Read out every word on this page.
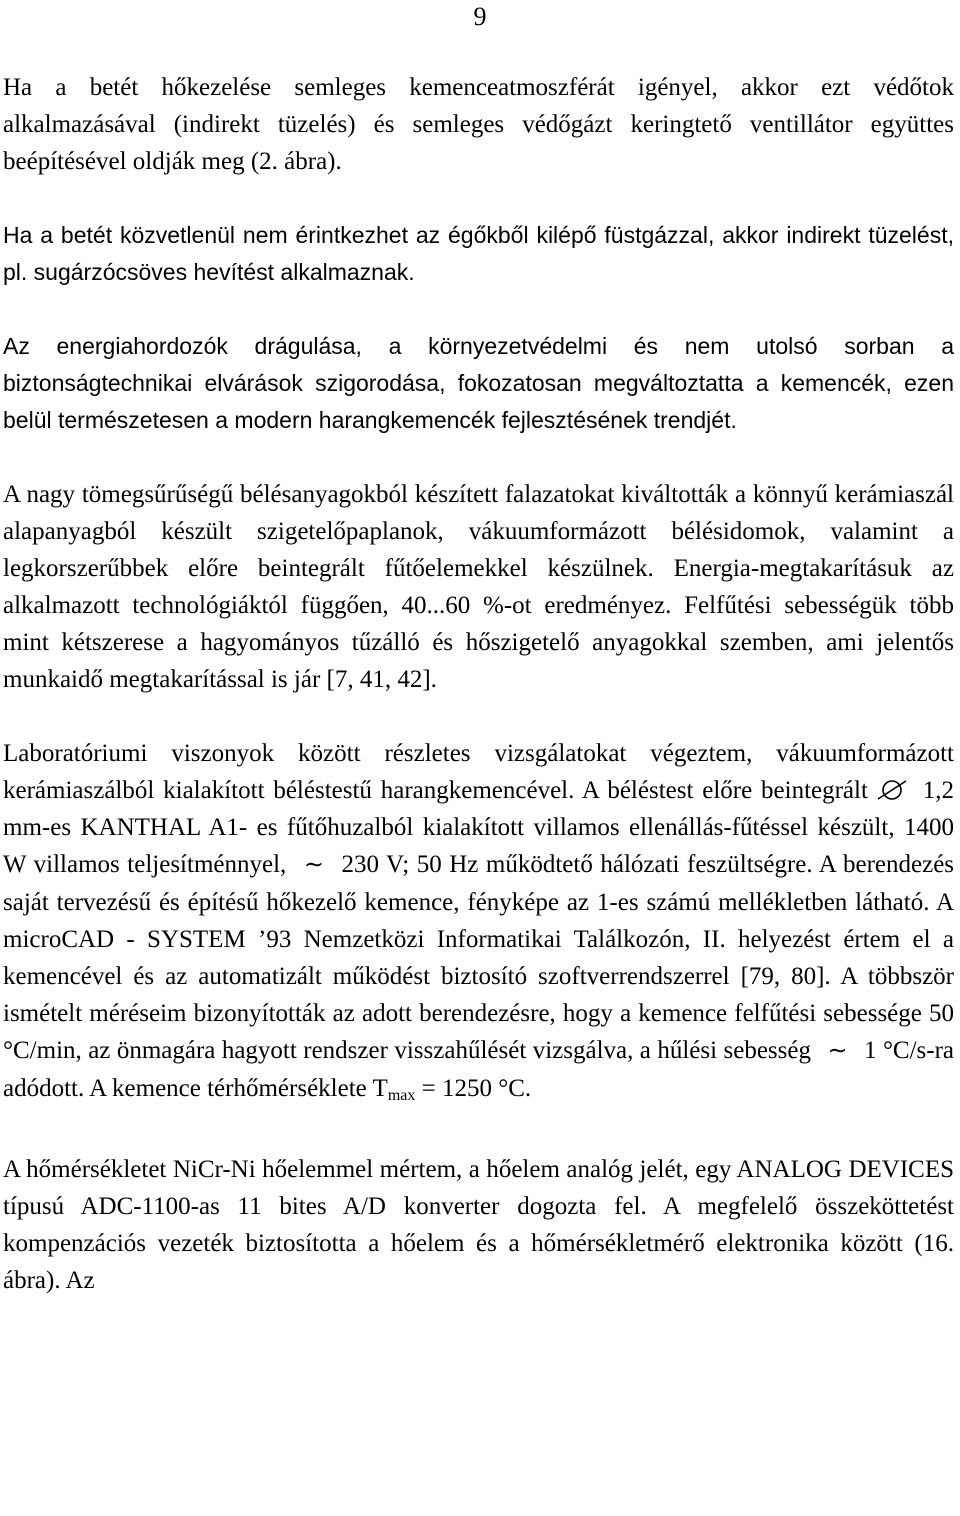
9

Ha a betét hőkezelése semleges kemenceatmoszférát igényel, akkor ezt védőtok alkalmazásával (indirekt tüzelés) és semleges védőgázt keringtető ventillátor együttes beépítésével oldják meg (2. ábra).

Ha a betét közvetlenül nem érintkezhet az égőkből kilépő füstgázzal, akkor indirekt tüzelést, pl. sugárzócsöves hevítést alkalmaznak.

Az energiahordozók drágulása, a környezetvédelmi és nem utolsó sorban a biztonságtechnikai elvárások szigorodása, fokozatosan megváltoztatta a kemencék, ezen belül természetesen a modern harangkemencék fejlesztésének trendjét.

A nagy tömegsűrűségű bélésanyagokból készített falazatokat kiváltották a könnyű kerámiaszál alapanyagból készült szigetelőpaplanok, vákuumformázott bélésidomok, valamint a legkorszerűbbek előre beintegrált fűtőelemekkel készülnek. Energia-megtakarításuk az alkalmazott technológiáktól függően, 40...60 %-ot eredményez. Felfűtési sebességük több mint kétszerese a hagyományos tűzálló és hőszigetelő anyagokkal szemben, ami jelentős munkaidő megtakarítással is jár [7, 41, 42].

Laboratóriumi viszonyok között részletes vizsgálatokat végeztem, vákuumformázott kerámiaszálból kialakított béléstestű harangkemencével. A béléstest előre beintegrált 1,2 mm-es KANTHAL A1- es fűtőhuzalból kialakított villamos ellenállás-fűtéssel készült, 1400 W villamos teljesítménnyel, ∼ 230 V; 50 Hz működtető hálózati feszültségre. A berendezés saját tervezésű és építésű hőkezelő kemence, fényképe az 1-es számú mellékletben látható. A microCAD - SYSTEM ’93 Nemzetközi Informatikai Találkozón, II. helyezést értem el a kemencével és az automatizált működést biztosító szoftverrendszerrel [79, 80]. A többször ismételt méréseim bizonyították az adott berendezésre, hogy a kemence felfűtési sebessége 50 °C/min, az önmagára hagyott rendszer visszahűlését vizsgálva, a hűlési sebesség ∼ 1 °C/s-ra adódott. A kemence térhőmérséklete $T_{max} = 1250$ °C.

A hőmérsékletet NiCr-Ni hőelemmel mértem, a hőelem analóg jelét, egy ANALOG DEVICES típusú ADC-1100-as 11 bites A/D konverter dogozta fel. A megfelelő összeköttetést kompenzációs vezeték biztosította a hőelem és a hőmérsékletmérő elektronika között (16. ábra). Az
